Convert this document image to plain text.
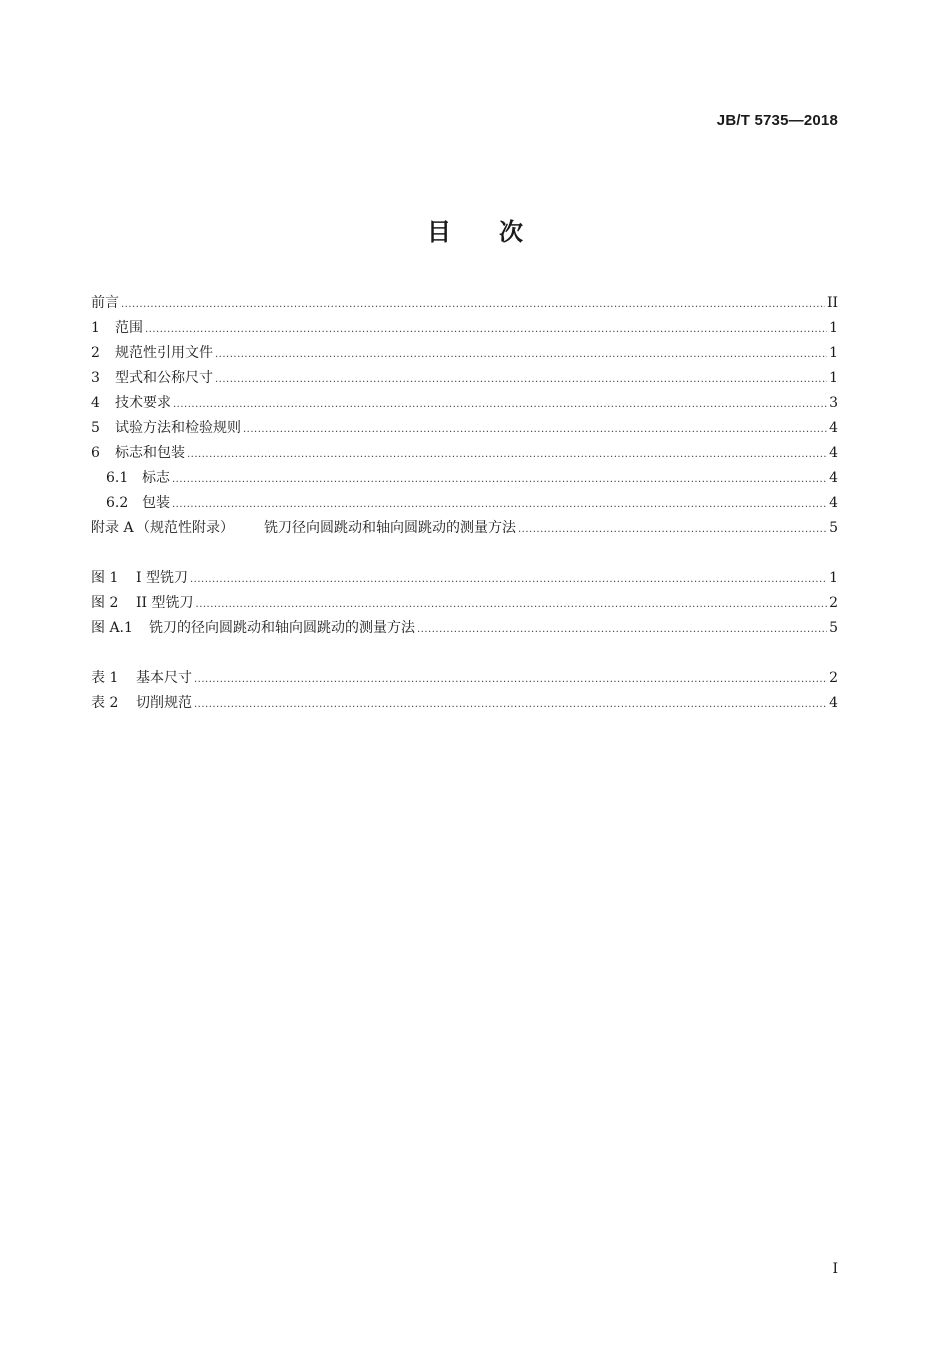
JB/T 5735—2018
目次
前言 .....	II
1	范围 .....	1
2	规范性引用文件 .....	1
3	型式和公称尺寸 .....	1
4	技术要求 .....	3
5	试验方法和检验规则 .....	4
6	标志和包装 .....	4
6.1 标志 .....	4
6.2 包装 .....	4
附录 A （规范性附录） 铣刀径向圆跳动和轴向圆跳动的测量方法 .....	5
图 1	I 型铣刀 .....	1
图 2	II 型铣刀 .....	2
图 A.1	铣刀的径向圆跳动和轴向圆跳动的测量方法 .....	5
表 1	基本尺寸 .....	2
表 2	切削规范 .....	4
I
